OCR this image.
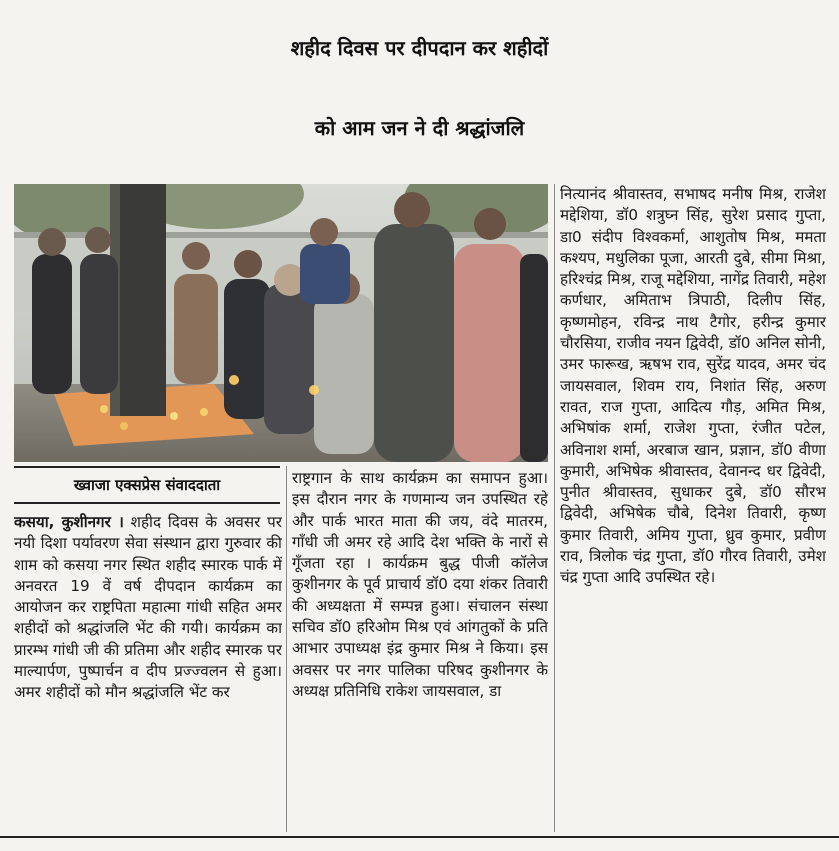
शहीद दिवस पर दीपदान कर शहीदों
को आम जन ने दी श्रद्धांजलि
ख्वाजा एक्सप्रेस संवाददाता

कसया, कुशीनगर । शहीद दिवस के अवसर पर नयी दिशा पर्यावरण सेवा संस्थान द्वारा गुरुवार की शाम को कसया नगर स्थित शहीद स्मारक पार्क में अनवरत 19 वें वर्ष दीपदान कार्यक्रम का आयोजन कर राष्ट्रपिता महात्मा गांधी सहित अमर शहीदों को श्रद्धांजलि भेंट की गयी। कार्यक्रम का प्रारम्भ गांधी जी की प्रतिमा और शहीद स्मारक पर माल्यार्पण, पुष्पार्चन व दीप प्रज्ज्वलन से हुआ। अमर शहीदों को मौन श्रद्धांजलि भेंट कर

राष्ट्रगान के साथ कार्यक्रम का समापन हुआ। इस दौरान नगर के गणमान्य जन उपस्थित रहे और पार्क भारत माता की जय, वंदे मातरम, गाँधी जी अमर रहे आदि देश भक्ति के नारों से गूँजता रहा । कार्यक्रम बुद्ध पीजी कॉलेज कुशीनगर के पूर्व प्राचार्य डॉ0 दया शंकर तिवारी की अध्यक्षता में सम्पन्न हुआ। संचालन संस्था सचिव डॉ0 हरिओम मिश्र एवं आंगतुकों के प्रति आभार उपाध्यक्ष इंद्र कुमार मिश्र ने किया। इस अवसर पर नगर पालिका परिषद कुशीनगर के अध्यक्ष प्रतिनिधि राकेश जायसवाल, डा

नित्यानंद श्रीवास्तव, सभाषद मनीष मिश्र, राजेश मद्देशिया, डॉ0 शत्रुघ्न सिंह, सुरेश प्रसाद गुप्ता, डा0 संदीप विश्वकर्मा, आशुतोष मिश्र, ममता कश्यप, मधुलिका पूजा, आरती दुबे, सीमा मिश्रा, हरिश्चंद्र मिश्र, राजू मद्देशिया, नागेंद्र तिवारी, महेश कर्णधार, अमिताभ त्रिपाठी, दिलीप सिंह, कृष्णमोहन, रविन्द्र नाथ टैगोर, हरीन्द्र कुमार चौरसिया, राजीव नयन द्विवेदी, डॉ0 अनिल सोनी, उमर फारूख, ऋषभ राव, सुरेंद्र यादव, अमर चंद जायसवाल, शिवम राय, निशांत सिंह, अरुण रावत, राज गुप्ता, आदित्य गौड़, अमित मिश्र, अभिषांक शर्मा, राजेश गुप्ता, रंजीत पटेल, अविनाश शर्मा, अरबाज खान, प्रज्ञान, डॉ0 वीणा कुमारी, अभिषेक श्रीवास्तव, देवानन्द धर द्विवेदी, पुनीत श्रीवास्तव, सुधाकर दुबे, डॉ0 सौरभ द्विवेदी, अभिषेक चौबे, दिनेश तिवारी, कृष्ण कुमार तिवारी, अमिय गुप्ता, ध्रुव कुमार, प्रवीण राव, त्रिलोक चंद्र गुप्ता, डॉ0 गौरव तिवारी, उमेश चंद्र गुप्ता आदि उपस्थित रहे।
